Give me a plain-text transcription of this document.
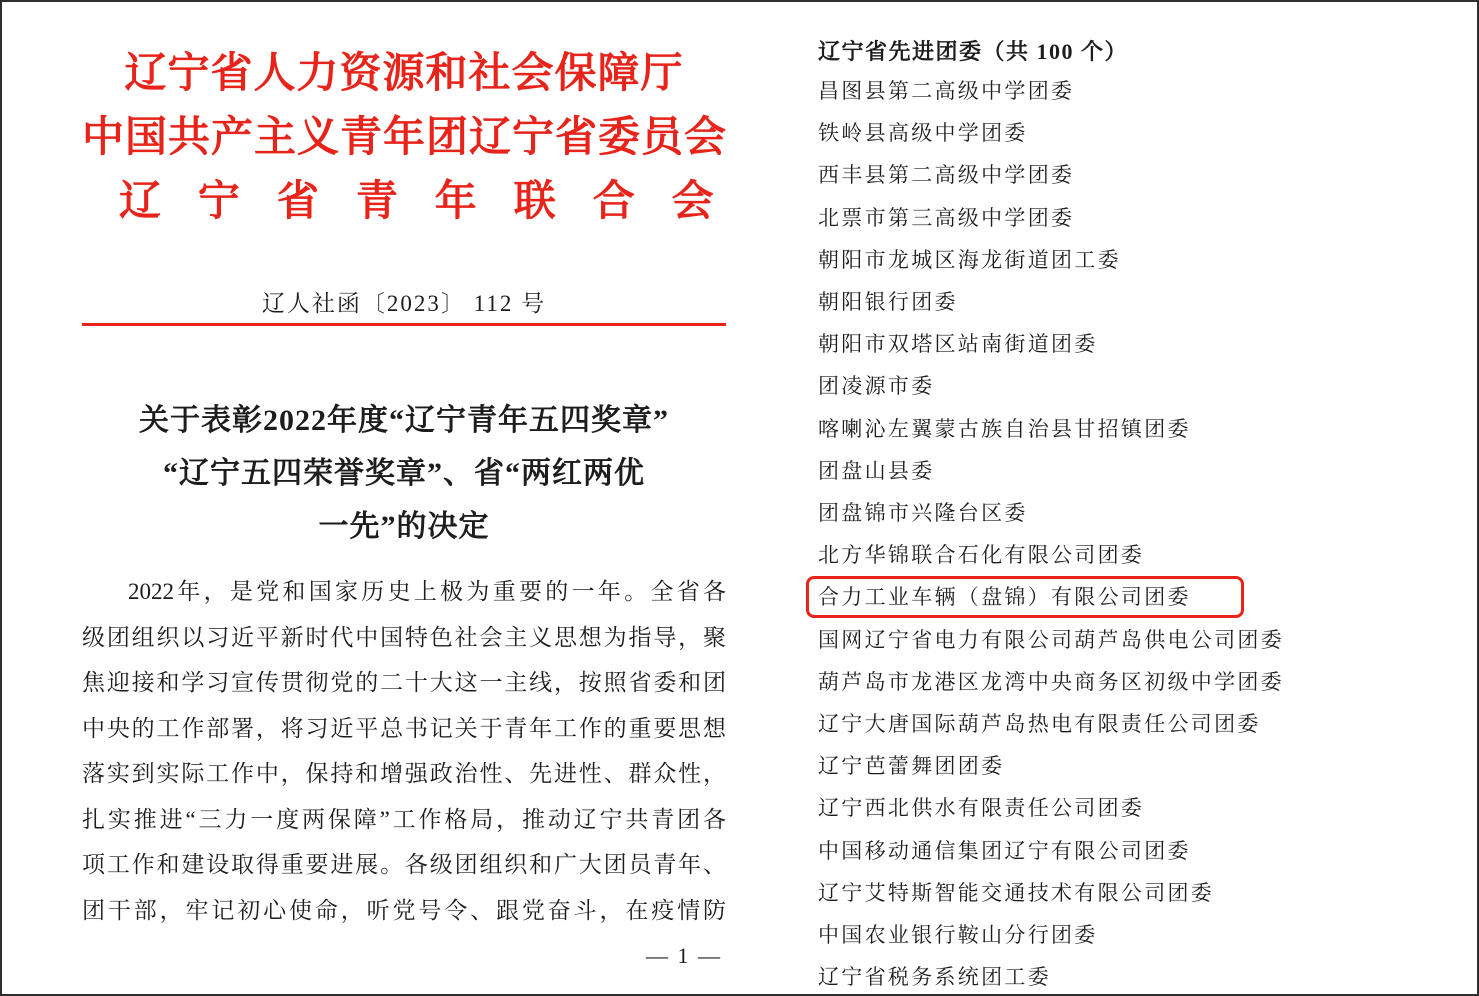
辽宁省人力资源和社会保障厅
中国共产主义青年团辽宁省委员会
辽宁省青年联合会
辽人社函〔2023〕 112 号
关于表彰2022年度“辽宁青年五四奖章”
“辽宁五四荣誉奖章”、省“两红两优
一先”的决定
2022年，是党和国家历史上极为重要的一年。全省各
级团组织以习近平新时代中国特色社会主义思想为指导，聚
焦迎接和学习宣传贯彻党的二十大这一主线，按照省委和团
中央的工作部署，将习近平总书记关于青年工作的重要思想
落实到实际工作中，保持和增强政治性、先进性、群众性，
扎实推进“三力一度两保障”工作格局，推动辽宁共青团各
项工作和建设取得重要进展。各级团组织和广大团员青年、
团干部，牢记初心使命，听党号令、跟党奋斗，在疫情防
— 1 —
辽宁省先进团委（共 100 个）
昌图县第二高级中学团委
铁岭县高级中学团委
西丰县第二高级中学团委
北票市第三高级中学团委
朝阳市龙城区海龙街道团工委
朝阳银行团委
朝阳市双塔区站南街道团委
团凌源市委
喀喇沁左翼蒙古族自治县甘招镇团委
团盘山县委
团盘锦市兴隆台区委
北方华锦联合石化有限公司团委
合力工业车辆（盘锦）有限公司团委
国网辽宁省电力有限公司葫芦岛供电公司团委
葫芦岛市龙港区龙湾中央商务区初级中学团委
辽宁大唐国际葫芦岛热电有限责任公司团委
辽宁芭蕾舞团团委
辽宁西北供水有限责任公司团委
中国移动通信集团辽宁有限公司团委
辽宁艾特斯智能交通技术有限公司团委
中国农业银行鞍山分行团委
辽宁省税务系统团工委
